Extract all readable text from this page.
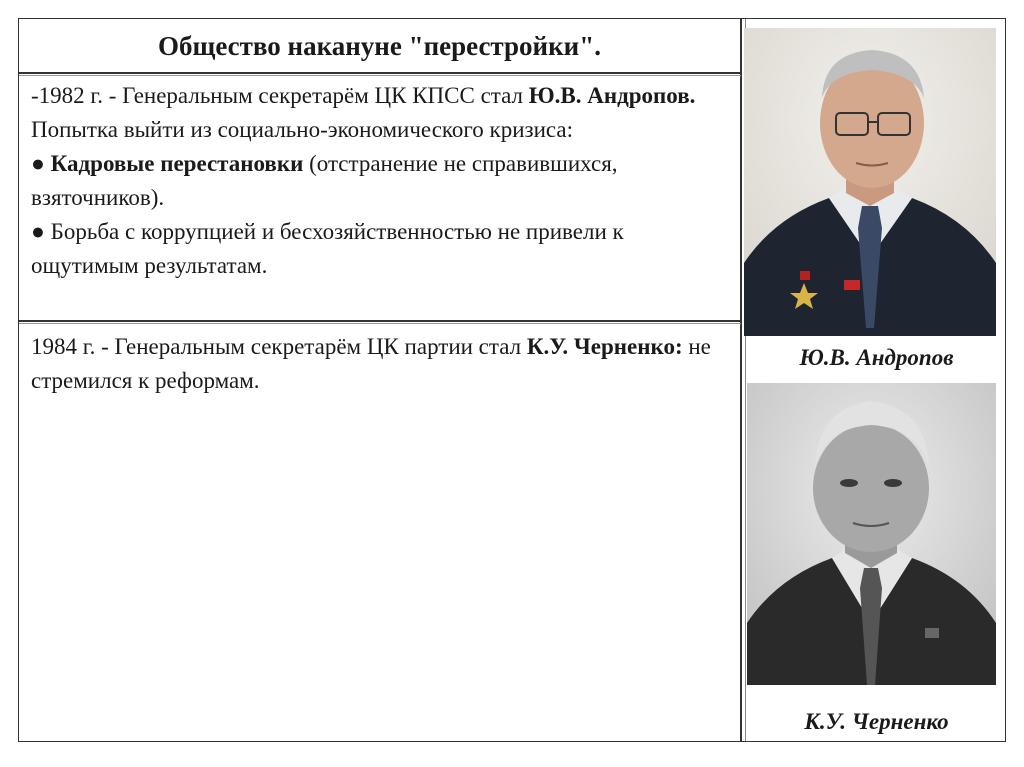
Общество накануне "перестройки".
-1982 г. - Генеральным секретарём ЦК КПСС стал Ю.В. Андропов.
Попытка выйти из социально-экономического кризиса:
● Кадровые перестановки (отстранение не справившихся, взяточников).
● Борьба с коррупцией и бесхозяйственностью не привели к ощутимым результатам.
1984 г. - Генеральным секретарём ЦК партии стал К.У. Черненко: не стремился к реформам.
Ю.В. Андропов
К.У. Черненко
